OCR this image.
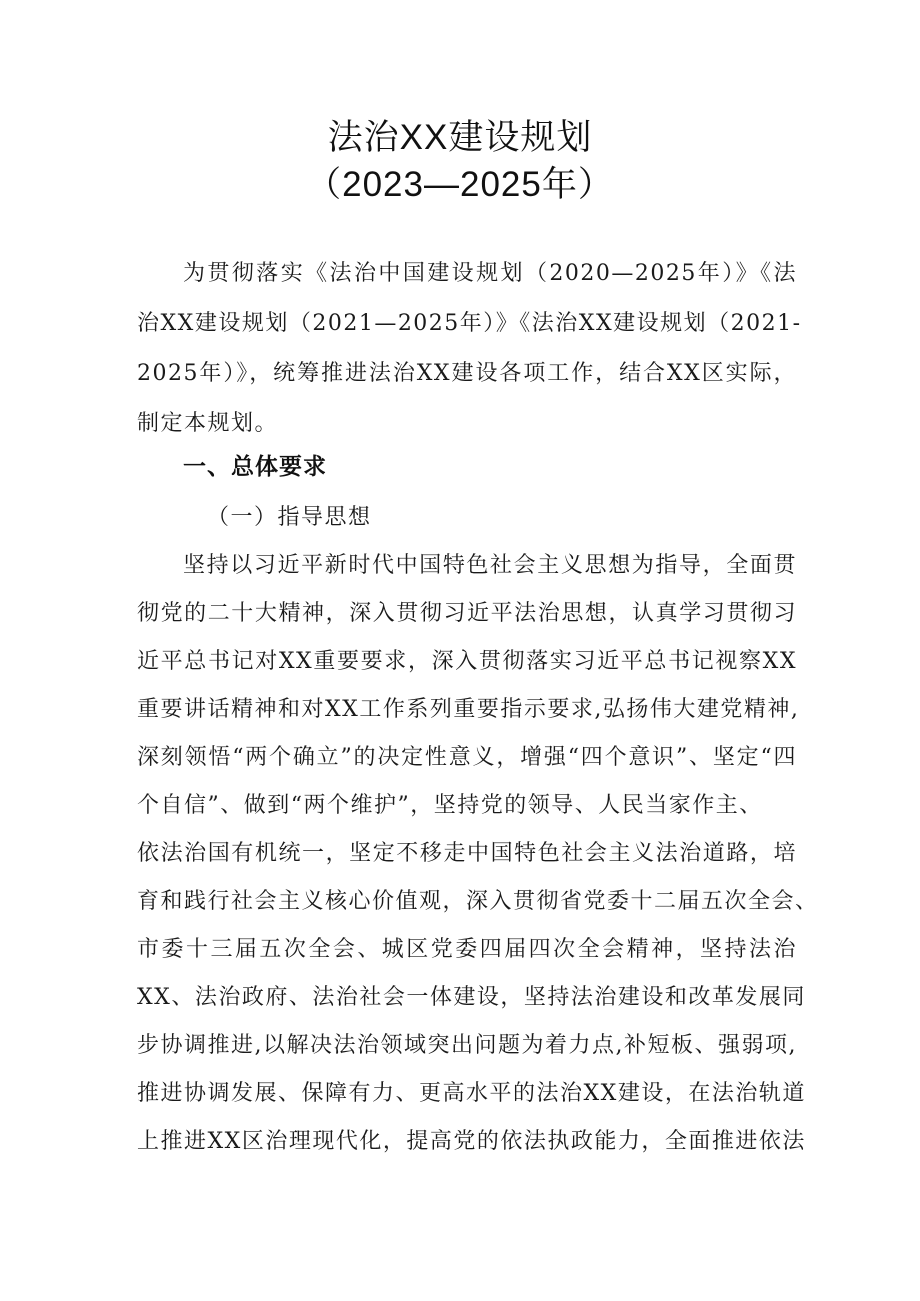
法治XX建设规划
（2023—2025年）
为贯彻落实《法治中国建设规划（2020—2025年）》《法
治XX建设规划（2021—2025年）》《法治XX建设规划（2021-
2025年）》，统筹推进法治XX建设各项工作，结合XX区实际，
制定本规划。
一、总体要求
（一）指导思想
坚持以习近平新时代中国特色社会主义思想为指导，全面贯
彻党的二十大精神，深入贯彻习近平法治思想，认真学习贯彻习
近平总书记对XX重要要求，深入贯彻落实习近平总书记视察XX
重要讲话精神和对XX工作系列重要指示要求,弘扬伟大建党精神,
深刻领悟“两个确立”的决定性意义，增强“四个意识”、坚定“四
个自信”、做到“两个维护”，坚持党的领导、人民当家作主、
依法治国有机统一，坚定不移走中国特色社会主义法治道路，培
育和践行社会主义核心价值观，深入贯彻省党委十二届五次全会、
市委十三届五次全会、城区党委四届四次全会精神，坚持法治
XX、法治政府、法治社会一体建设，坚持法治建设和改革发展同
步协调推进,以解决法治领域突出问题为着力点,补短板、强弱项,
推进协调发展、保障有力、更高水平的法治XX建设，在法治轨道
上推进XX区治理现代化，提高党的依法执政能力，全面推进依法
